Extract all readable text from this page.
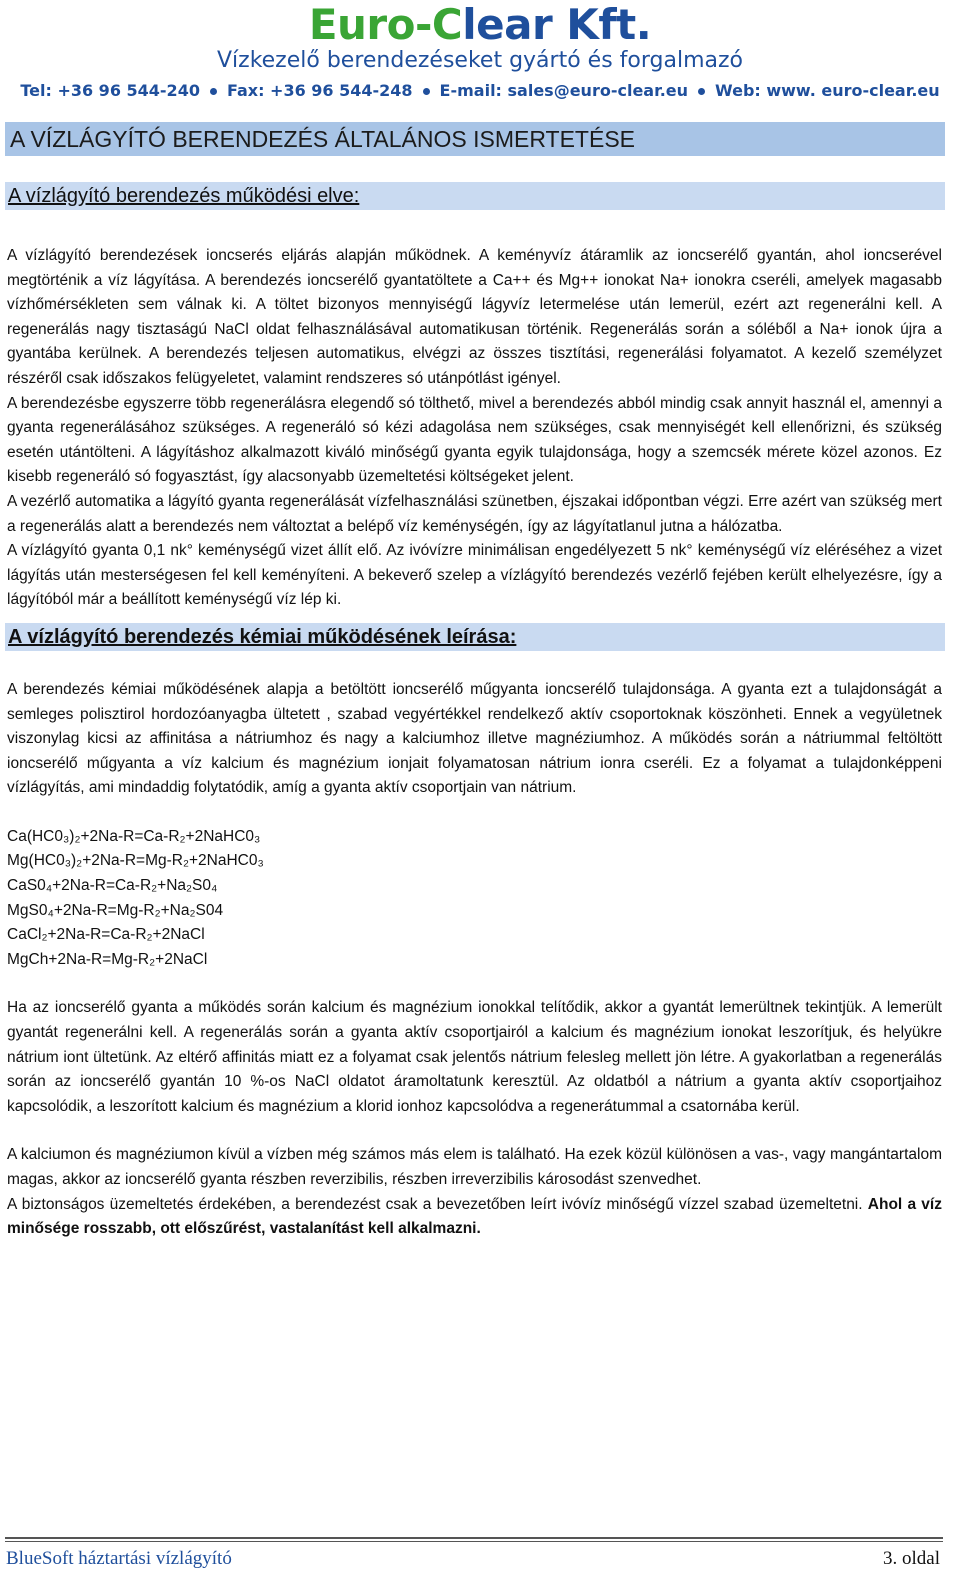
Euro-Clear Kft.
Vízkezelő berendezéseket gyártó és forgalmazó
Tel: +36 96 544-240 Fax: +36 96 544-248 E-mail: sales@euro-clear.eu Web: www. euro-clear.eu
A VÍZLÁGYÍTÓ BERENDEZÉS ÁLTALÁNOS ISMERTETÉSE
A vízlágyító berendezés működési elve:

A vízlágyító berendezések ioncserés eljárás alapján működnek. A keményvíz átáramlik az ioncserélő gyantán, ahol ioncserével megtörténik a víz lágyítása. A berendezés ioncserélő gyantatöltete a Ca++ és Mg++ ionokat Na+ ionokra cseréli, amelyek magasabb vízhőmérsékleten sem válnak ki. A töltet bizonyos mennyiségű lágyvíz letermelése után lemerül, ezért azt regenerálni kell. A regenerálás nagy tisztaságú NaCl oldat felhasználásával automatikusan történik. Regenerálás során a sóléből a Na+ ionok újra a gyantába kerülnek. A berendezés teljesen automatikus, elvégzi az összes tisztítási, regenerálási folyamatot. A kezelő személyzet részéről csak időszakos felügyeletet, valamint rendszeres só utánpótlást igényel.

A berendezésbe egyszerre több regenerálásra elegendő só tölthető, mivel a berendezés abból mindig csak annyit használ el, amennyi a gyanta regenerálásához szükséges. A regeneráló só kézi adagolása nem szükséges, csak mennyiségét kell ellenőrizni, és szükség esetén utántölteni. A lágyításhoz alkalmazott kiváló minőségű gyanta egyik tulajdonsága, hogy a szemcsék mérete közel azonos. Ez kisebb regeneráló só fogyasztást, így alacsonyabb üzemeltetési költségeket jelent.

A vezérlő automatika a lágyító gyanta regenerálását vízfelhasználási szünetben, éjszakai időpontban végzi. Erre azért van szükség mert a regenerálás alatt a berendezés nem változtat a belépő víz keménységén, így az lágyítatlanul jutna a hálózatba.

A vízlágyító gyanta 0,1 nk° keménységű vizet állít elő. Az ivóvízre minimálisan engedélyezett 5 nk° keménységű víz eléréséhez a vizet lágyítás után mesterségesen fel kell keményíteni. A bekeverő szelep a vízlágyító berendezés vezérlő fejében került elhelyezésre, így a lágyítóból már a beállított keménységű víz lép ki.

A vízlágyító berendezés kémiai működésének leírása:

A berendezés kémiai működésének alapja a betöltött ioncserélő műgyanta ioncserélő tulajdonsága. A gyanta ezt a tulajdonságát a semleges polisztirol hordozóanyagba ültetett , szabad vegyértékkel rendelkező aktív csoportoknak köszönheti. Ennek a vegyületnek viszonylag kicsi az affinitása a nátriumhoz és nagy a kalciumhoz illetve magnéziumhoz. A működés során a nátriummal feltöltött ioncserélő műgyanta a víz kalcium és magnézium ionjait folyamatosan nátrium ionra cseréli. Ez a folyamat a tulajdonképpeni vízlágyítás, ami mindaddig folytatódik, amíg a gyanta aktív csoportjain van nátrium.

Ca(HC0₃)₂+2Na-R=Ca-R₂+2NaHC0₃
Mg(HC0₃)₂+2Na-R=Mg-R₂+2NaHC0₃
CaS0₄+2Na-R=Ca-R₂+Na₂S0₄
MgS0₄+2Na-R=Mg-R₂+Na₂S04
CaCl₂+2Na-R=Ca-R₂+2NaCl
MgCh+2Na-R=Mg-R₂+2NaCl

Ha az ioncserélő gyanta a működés során kalcium és magnézium ionokkal telítődik, akkor a gyantát lemerültnek tekintjük. A lemerült gyantát regenerálni kell. A regenerálás során a gyanta aktív csoportjairól a kalcium és magnézium ionokat leszorítjuk, és helyükre nátrium iont ültetünk. Az eltérő affinitás miatt ez a folyamat csak jelentős nátrium felesleg mellett jön létre. A gyakorlatban a regenerálás során az ioncserélő gyantán 10 %-os NaCl oldatot áramoltatunk keresztül. Az oldatból a nátrium a gyanta aktív csoportjaihoz kapcsolódik, a leszorított kalcium és magnézium a klorid ionhoz kapcsolódva a regenerátummal a csatornába kerül.

A kalciumon és magnéziumon kívül a vízben még számos más elem is található. Ha ezek közül különösen a vas-, vagy mangántartalom magas, akkor az ioncserélő gyanta részben reverzibilis, részben irreverzibilis károsodást szenvedhet.

A biztonságos üzemeltetés érdekében, a berendezést csak a bevezetőben leírt ivóvíz minőségű vízzel szabad üzemeltetni. Ahol a víz minősége rosszabb, ott előszűrést, vastalanítást kell alkalmazni.

BlueSoft háztartási vízlágyító	3. oldal
